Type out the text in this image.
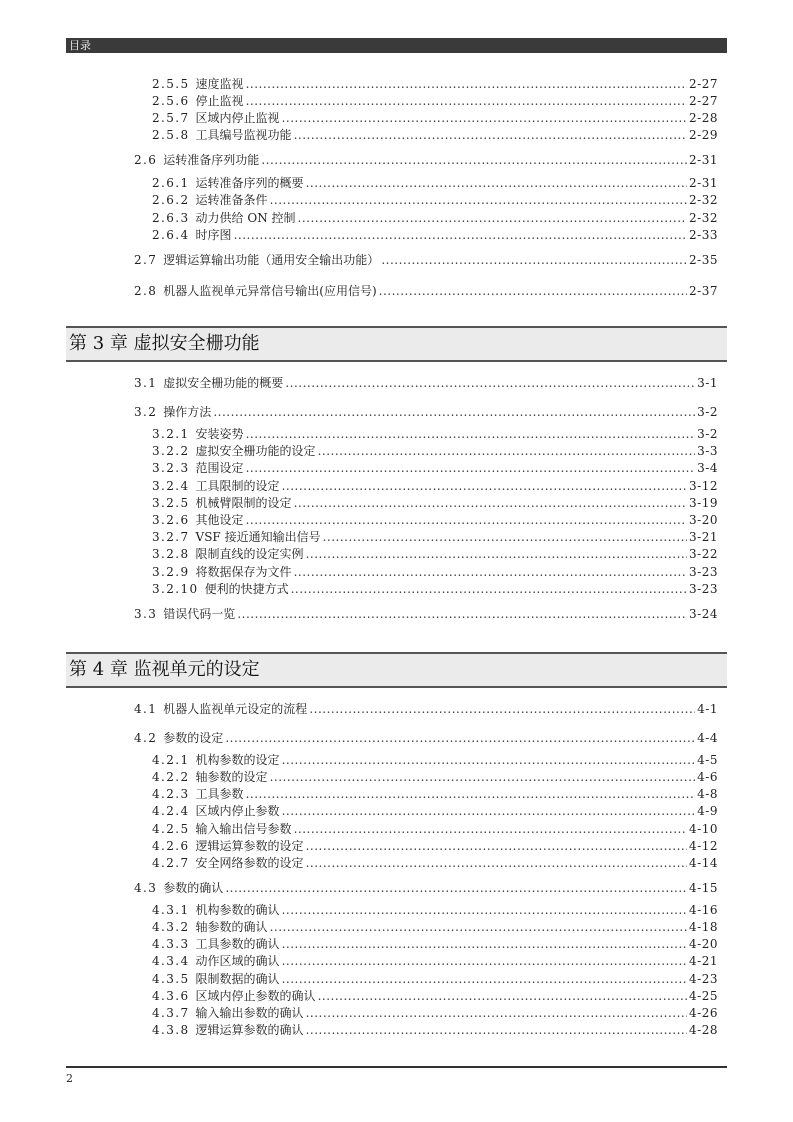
目录
2.5.5 速度监视 .....	2-27
2.5.6 停止监视 .....	2-27
2.5.7 区域内停止监视 .....	2-28
2.5.8 工具编号监视功能 .....	2-29
2.6 运转准备序列功能 .....	2-31
2.6.1 运转准备序列的概要 .....	2-31
2.6.2 运转准备条件 .....	2-32
2.6.3 动力供给 ON 控制 .....	2-32
2.6.4 时序图 .....	2-33
2.7 逻辑运算输出功能（通用安全输出功能） .....	2-35
2.8 机器人监视单元异常信号输出(应用信号) .....	2-37
第 3 章 虚拟安全栅功能
3.1 虚拟安全栅功能的概要 .....	3-1
3.2 操作方法 .....	3-2
3.2.1 安装姿势 .....	3-2
3.2.2 虚拟安全栅功能的设定 .....	3-3
3.2.3 范围设定 .....	3-4
3.2.4 工具限制的设定 .....	3-12
3.2.5 机械臂限制的设定 .....	3-19
3.2.6 其他设定 .....	3-20
3.2.7 VSF 接近通知输出信号 .....	3-21
3.2.8 限制直线的设定实例 .....	3-22
3.2.9 将数据保存为文件 .....	3-23
3.2.10 便利的快捷方式 .....	3-23
3.3 错误代码一览 .....	3-24
第 4 章 监视单元的设定
4.1 机器人监视单元设定的流程 .....	4-1
4.2 参数的设定 .....	4-4
4.2.1 机构参数的设定 .....	4-5
4.2.2 轴参数的设定 .....	4-6
4.2.3 工具参数 .....	4-8
4.2.4 区域内停止参数 .....	4-9
4.2.5 输入输出信号参数 .....	4-10
4.2.6 逻辑运算参数的设定 .....	4-12
4.2.7 安全网络参数的设定 .....	4-14
4.3 参数的确认 .....	4-15
4.3.1 机构参数的确认 .....	4-16
4.3.2 轴参数的确认 .....	4-18
4.3.3 工具参数的确认 .....	4-20
4.3.4 动作区域的确认 .....	4-21
4.3.5 限制数据的确认 .....	4-23
4.3.6 区域内停止参数的确认 .....	4-25
4.3.7 输入输出参数的确认 .....	4-26
4.3.8 逻辑运算参数的确认 .....	4-28
2
